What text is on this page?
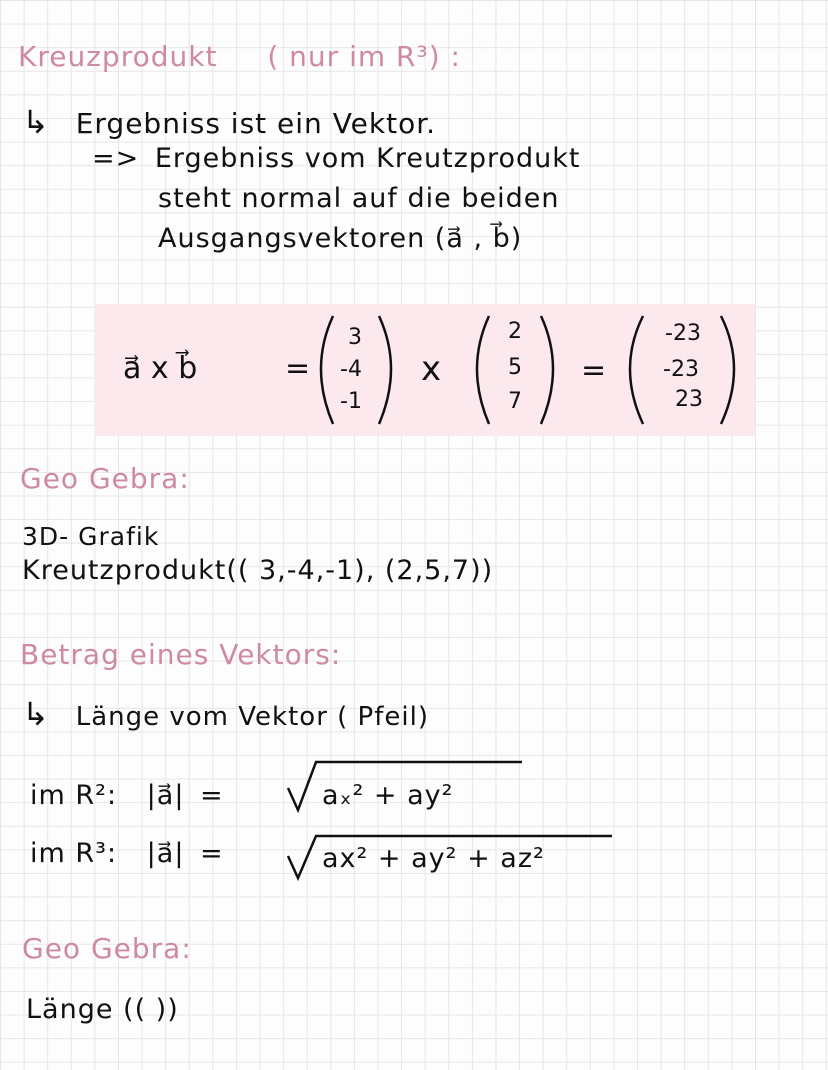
Kreuzprodukt ( nur im R³) :
↳ Ergebniss ist ein Vektor.
=> Ergebniss vom Kreutzprodukt
steht normal auf die beiden
Ausgangsvektoren (a⃗ , b⃗)
a⃗ x b⃗	=
3
-4
-1
x
2
5
7
=
-23
-23
23
Geo Gebra:
3D- Grafik
Kreutzprodukt(( 3,-4,-1), (2,5,7))
Betrag eines Vektors:
↳ Länge vom Vektor ( Pfeil)
im R²: |a⃗| =	aₓ² + ay²
im R³: |a⃗| =	ax² + ay² + az²
Geo Gebra:
Länge (( ))
